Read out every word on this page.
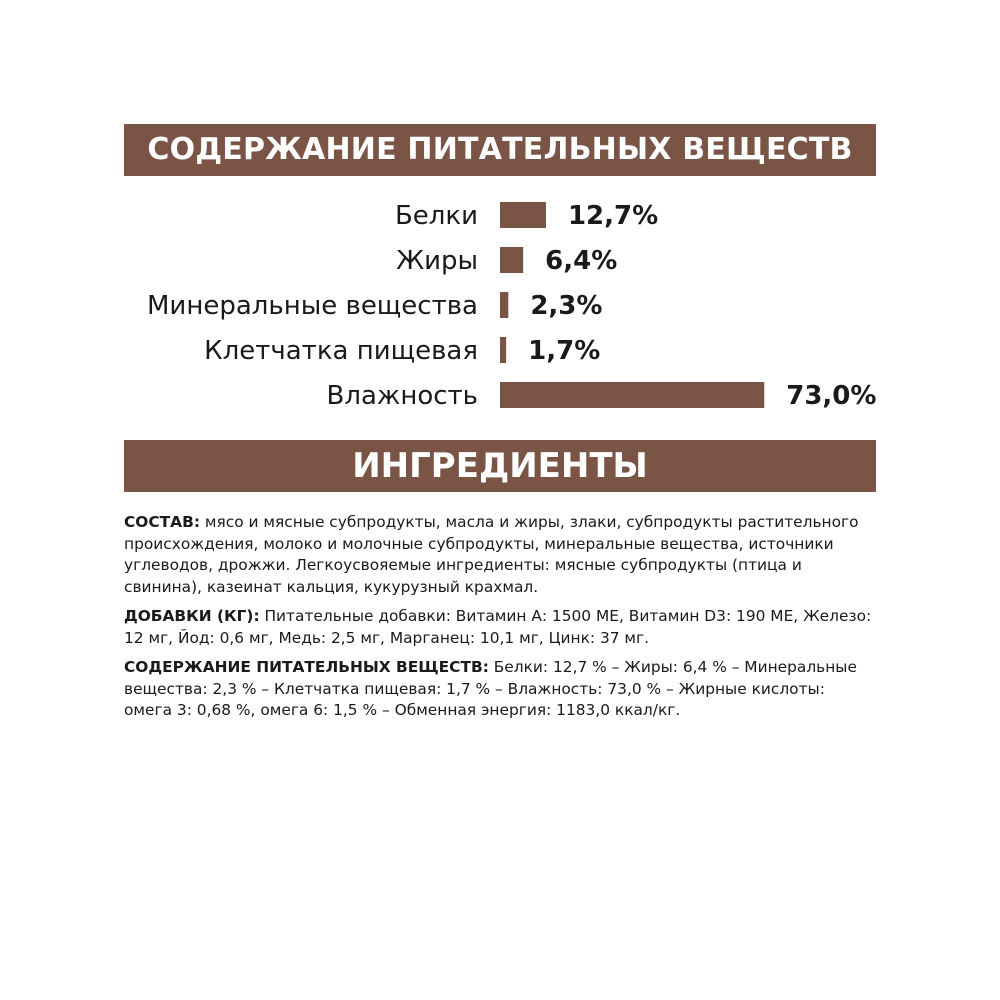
СОДЕРЖАНИЕ ПИТАТЕЛЬНЫХ ВЕЩЕСТВ
Белки	12,7%
Жиры	6,4%
Минеральные вещества 2,3%
Клетчатка пищевая 1,7%
Влажность	73,0%
ИНГРЕДИЕНТЫ

СОСТАВ: мясо и мясные субпродукты, масла и жиры, злаки, субпродукты растительного происхождения, молоко и молочные субпродукты, минеральные вещества, источники углеводов, дрожжи. Легкоусвояемые ингредиенты: мясные субпродукты (птица и свинина), казеинат кальция, кукурузный крахмал.

ДОБАВКИ (КГ): Питательные добавки: Витамин А: 1500 МЕ, Витамин D3: 190 МЕ, Железо: 12 мг, Йод: 0,6 мг, Медь: 2,5 мг, Марганец: 10,1 мг, Цинк: 37 мг.

СОДЕРЖАНИЕ ПИТАТЕЛЬНЫХ ВЕЩЕСТВ: Белки: 12,7 % – Жиры: 6,4 % – Минеральные вещества: 2,3 % – Клетчатка пищевая: 1,7 % – Влажность: 73,0 % – Жирные кислоты: омега 3: 0,68 %, омега 6: 1,5 % – Обменная энергия: 1183,0 ккал/кг.
